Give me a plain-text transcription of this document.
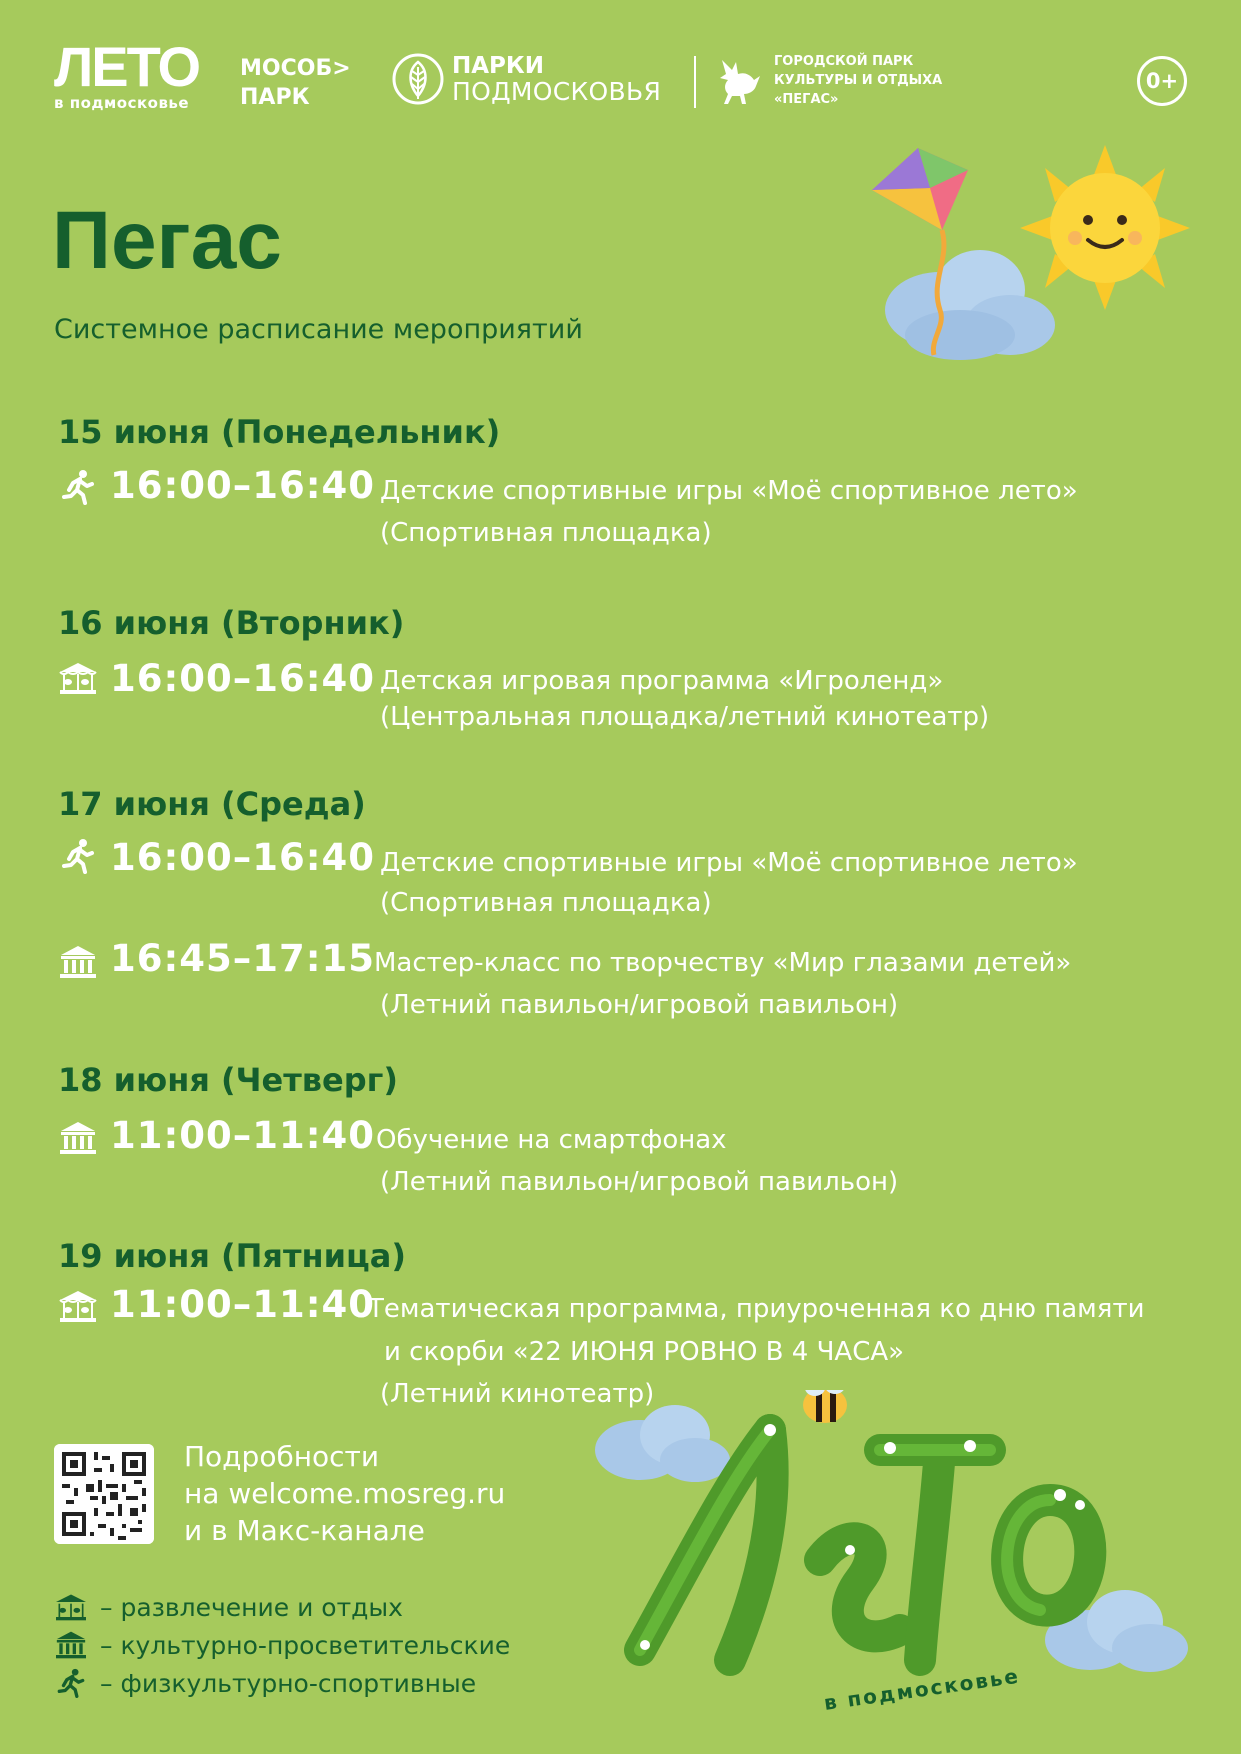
ЛЕТО
в подмосковье
МОСОБ>
ПАРК
ПАРКИ
ПОДМОСКОВЬЯ
ГОРОДСКОЙ ПАРК
КУЛЬТУРЫ И ОТДЫХА
«ПЕГАС»
0+
Пегас
Системное расписание мероприятий
15 июня (Понедельник)
16:00–16:40 Детские спортивные игры «Моё спортивное лето»
(Спортивная площадка)
16 июня (Вторник)
16:00–16:40 Детская игровая программа «Игроленд»
(Центральная площадка/летний кинотеатр)
17 июня (Среда)
16:00–16:40 Детские спортивные игры «Моё спортивное лето»
(Спортивная площадка)
16:45–17:15
Мастер-класс по творчеству «Мир глазами детей»
(Летний павильон/игровой павильон)
18 июня (Четверг)
11:00–11:40 Обучение на смартфонах
(Летний павильон/игровой павильон)
19 июня (Пятница)
11:00–11:40
Тематическая программа, приуроченная ко дню памяти
и скорби «22 ИЮНЯ РОВНО В 4 ЧАСА»
(Летний кинотеатр)
Подробности
на welcome.mosreg.ru
и в Макс-канале
– развлечение и отдых
– культурно-просветительские
– физкультурно-спортивные	в подмосковье
